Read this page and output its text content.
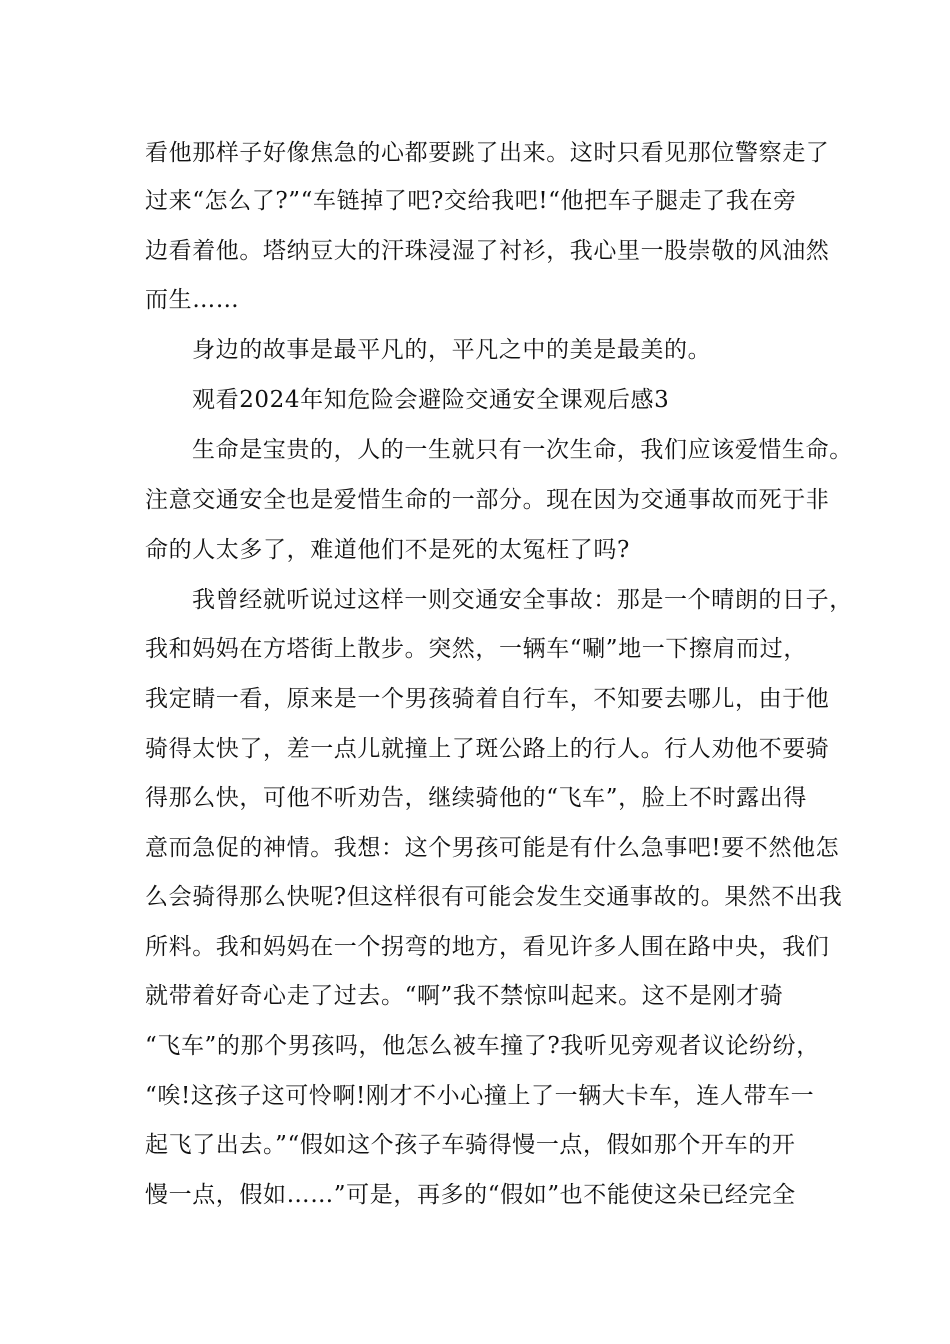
看他那样子好像焦急的心都要跳了出来。这时只看见那位警察走了
过来“怎么了?”“车链掉了吧?交给我吧!“他把车子腿走了我在旁
边看着他。塔纳豆大的汗珠浸湿了衬衫，我心里一股崇敬的风油然
而生……
身边的故事是最平凡的，平凡之中的美是最美的。
观看2024年知危险会避险交通安全课观后感3
生命是宝贵的，人的一生就只有一次生命，我们应该爱惜生命。
注意交通安全也是爱惜生命的一部分。现在因为交通事故而死于非
命的人太多了，难道他们不是死的太冤枉了吗?
我曾经就听说过这样一则交通安全事故：那是一个晴朗的日子，
我和妈妈在方塔街上散步。突然，一辆车“唰”地一下擦肩而过，
我定睛一看，原来是一个男孩骑着自行车，不知要去哪儿，由于他
骑得太快了，差一点儿就撞上了斑公路上的行人。行人劝他不要骑
得那么快，可他不听劝告，继续骑他的“飞车”，脸上不时露出得
意而急促的神情。我想：这个男孩可能是有什么急事吧!要不然他怎
么会骑得那么快呢?但这样很有可能会发生交通事故的。果然不出我
所料。我和妈妈在一个拐弯的地方，看见许多人围在路中央，我们
就带着好奇心走了过去。“啊”我不禁惊叫起来。这不是刚才骑
“飞车”的那个男孩吗，他怎么被车撞了?我听见旁观者议论纷纷，
“唉!这孩子这可怜啊!刚才不小心撞上了一辆大卡车，连人带车一
起飞了出去。”“假如这个孩子车骑得慢一点，假如那个开车的开
慢一点，假如……”可是，再多的“假如”也不能使这朵已经完全
